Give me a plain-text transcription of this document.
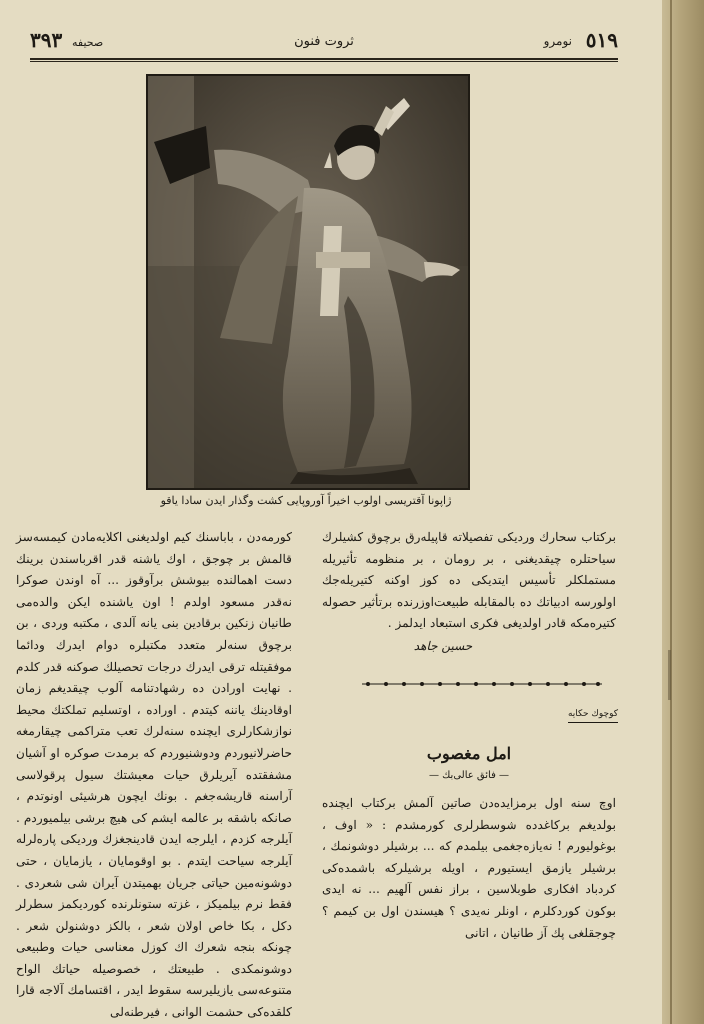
٥١٩
نومرو
ثروت فنون
صحيفه
٣٩٣
ژاپونا آقتریسی اولوب اخیراً آوروپایی کشت وگذار ایدن سادا یاقو

کورمه‌دن ، باباسنك كیم اولدیغنی اكلایه‌مادن كیمسه‌سز قالمش بر چوجق ، اوك یاشنه قدر اقرباسندن برینك دست اهمالنده بیوشش برآوقوز ... آه اوندن صوكرا نه‌قدر مسعود اولدم ! اون یاشنده ایكن والده‌می طانیان زنكین برقادین بنی یانه آلدی ، مكتبه وردی ، بن برچوق سنه‌لر متعدد مكتبلره دوام ایدرك ودائما موفقیتله ترقی ایدرك درجات تحصیلك صوكنه قدر كلدم . نهایت اورادن ده رشهادتنامه آلوب چیقدیغم زمان اوقادینك یاننه كیتدم . اوراده ، اوتسلیم تملكتك محیط نوازشكارلری ایچنده سنه‌لرك تعب متراكمی چیقارمغه حاضرلانیوردم ودوشنیوردم كه برمدت صوكره او آشیان مشفقتده آیریلرق حیات معیشتك سیول پرقولاسی آراسنه قاریشه‌جغم . بونك ایچون هرشیئی اونوتدم ، صانكه باشقه بر عالمه ایشم كی هیچ برشی بیلمیوردم . آیلرجه كزدم ، ایلرجه ایدن قادینجغزك وردیكی پاره‌لرله آیلرجه سیاحت ایتدم . بو اوقومایان ، یازمایان ، حتی دوشونه‌مین حیاتی جریان بهمیتدن آیران شی شعردی . فقط نرم بیلمیكز ، غزته ستونلرنده كوردیكمز سطرلر دكل ، بكا خاص اولان شعر ، بالكز دوشنولن شعر . چونكه بنجه شعرك اك كوزل معناسی حیات وطبیعی دوشونمكدی . طبیعتك ، خصوصیله حیاتك الواح متنوعه‌سی یازیلیرسه سقوط ایدر ، اقتسامك آلاجه قارا كلقده‌كی حشمت الوانی ، فیرطنه‌لی

بركتاب سحارك وردیكی تفصیلاته قاپیله‌رق برچوق كشیلرك سیاحتلره چیقدیغنی ، بر رومان ، بر منظومه تأثیریله مستملكلر تأسیس ایتدیكی ده كوز اوكنه كتیریله‌جك اولورسه ادبیاتك ده بالمقابله طبیعت‌اوزرنده برتأثیر حصوله كتیره‌مكه قادر اولدیغی فكری استبعاد ایدلمز .

حسین جاهد
كوچوك حكایه
امل مغصوب
— فائق عالی‌بك —

اوچ سنه اول برمزایده‌دن صاتین آلمش بركتاب ایچنده بولدیغم بركاغدده شوسطرلری كورمشدم : « اوف ، بوغولیورم ! نه‌یازه‌جغمی بیلمدم كه ... برشیلر دوشونمك ، برشیلر یازمق ایستیورم ، اویله برشیلركه باشمده‌كی كردباد افكاری طوبلاسین ، براز نفس آلهیم ... نه ایدی بوكون كوردكلرم ، اونلر نه‌یدی ؟ هیسندن اول بن كیمم ؟ چوجقلغی پك آز طانیان ، اتانی
